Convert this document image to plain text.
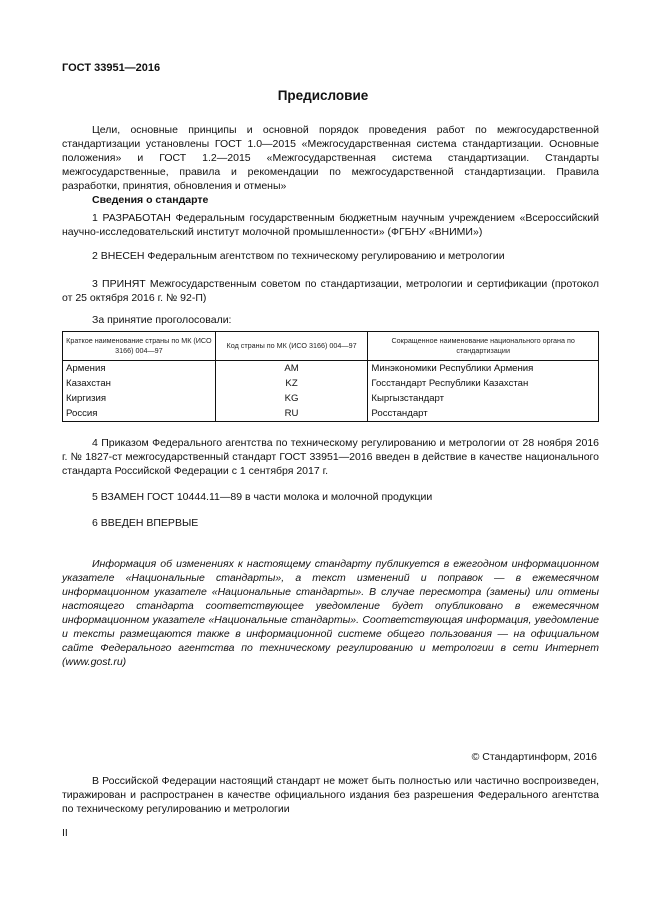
ГОСТ 33951—2016
Предисловие

Цели, основные принципы и основной порядок проведения работ по межгосударственной стандартизации установлены ГОСТ 1.0—2015 «Межгосударственная система стандартизации. Основные положения» и ГОСТ 1.2—2015 «Межгосударственная система стандартизации. Стандарты межгосударственные, правила и рекомендации по межгосударственной стандартизации. Правила разработки, принятия, обновления и отмены»

Сведения о стандарте

1 РАЗРАБОТАН Федеральным государственным бюджетным научным учреждением «Всероссийский научно-исследовательский институт молочной промышленности» (ФГБНУ «ВНИМИ»)

2 ВНЕСЕН Федеральным агентством по техническому регулированию и метрологии

3 ПРИНЯТ Межгосударственным советом по стандартизации, метрологии и сертификации (протокол от 25 октября 2016 г. № 92-П)

За принятие проголосовали:

Краткое наименование страны по МК (ИСО 3166) 004—97	Код страны по МК (ИСО 3166) 004—97	Сокращенное наименование национального органа по стандартизации
Армения	AM	Минэкономики Республики Армения
Казахстан	KZ	Госстандарт Республики Казахстан
Киргизия	KG	Кыргызстандарт
Россия	RU	Росстандарт

4 Приказом Федерального агентства по техническому регулированию и метрологии от 28 ноября 2016 г. № 1827-ст межгосударственный стандарт ГОСТ 33951—2016 введен в действие в качестве национального стандарта Российской Федерации с 1 сентября 2017 г.

5 ВЗАМЕН ГОСТ 10444.11—89 в части молока и молочной продукции

6 ВВЕДЕН ВПЕРВЫЕ

Информация об изменениях к настоящему стандарту публикуется в ежегодном информационном указателе «Национальные стандарты», а текст изменений и поправок — в ежемесячном информационном указателе «Национальные стандарты». В случае пересмотра (замены) или отмены настоящего стандарта соответствующее уведомление будет опубликовано в ежемесячном информационном указателе «Национальные стандарты». Соответствующая информация, уведомление и тексты размещаются также в информационной системе общего пользования — на официальном сайте Федерального агентства по техническому регулированию и метрологии в сети Интернет (www.gost.ru)

© Стандартинформ, 2016

В Российской Федерации настоящий стандарт не может быть полностью или частично воспроизведен, тиражирован и распространен в качестве официального издания без разрешения Федерального агентства по техническому регулированию и метрологии

II
